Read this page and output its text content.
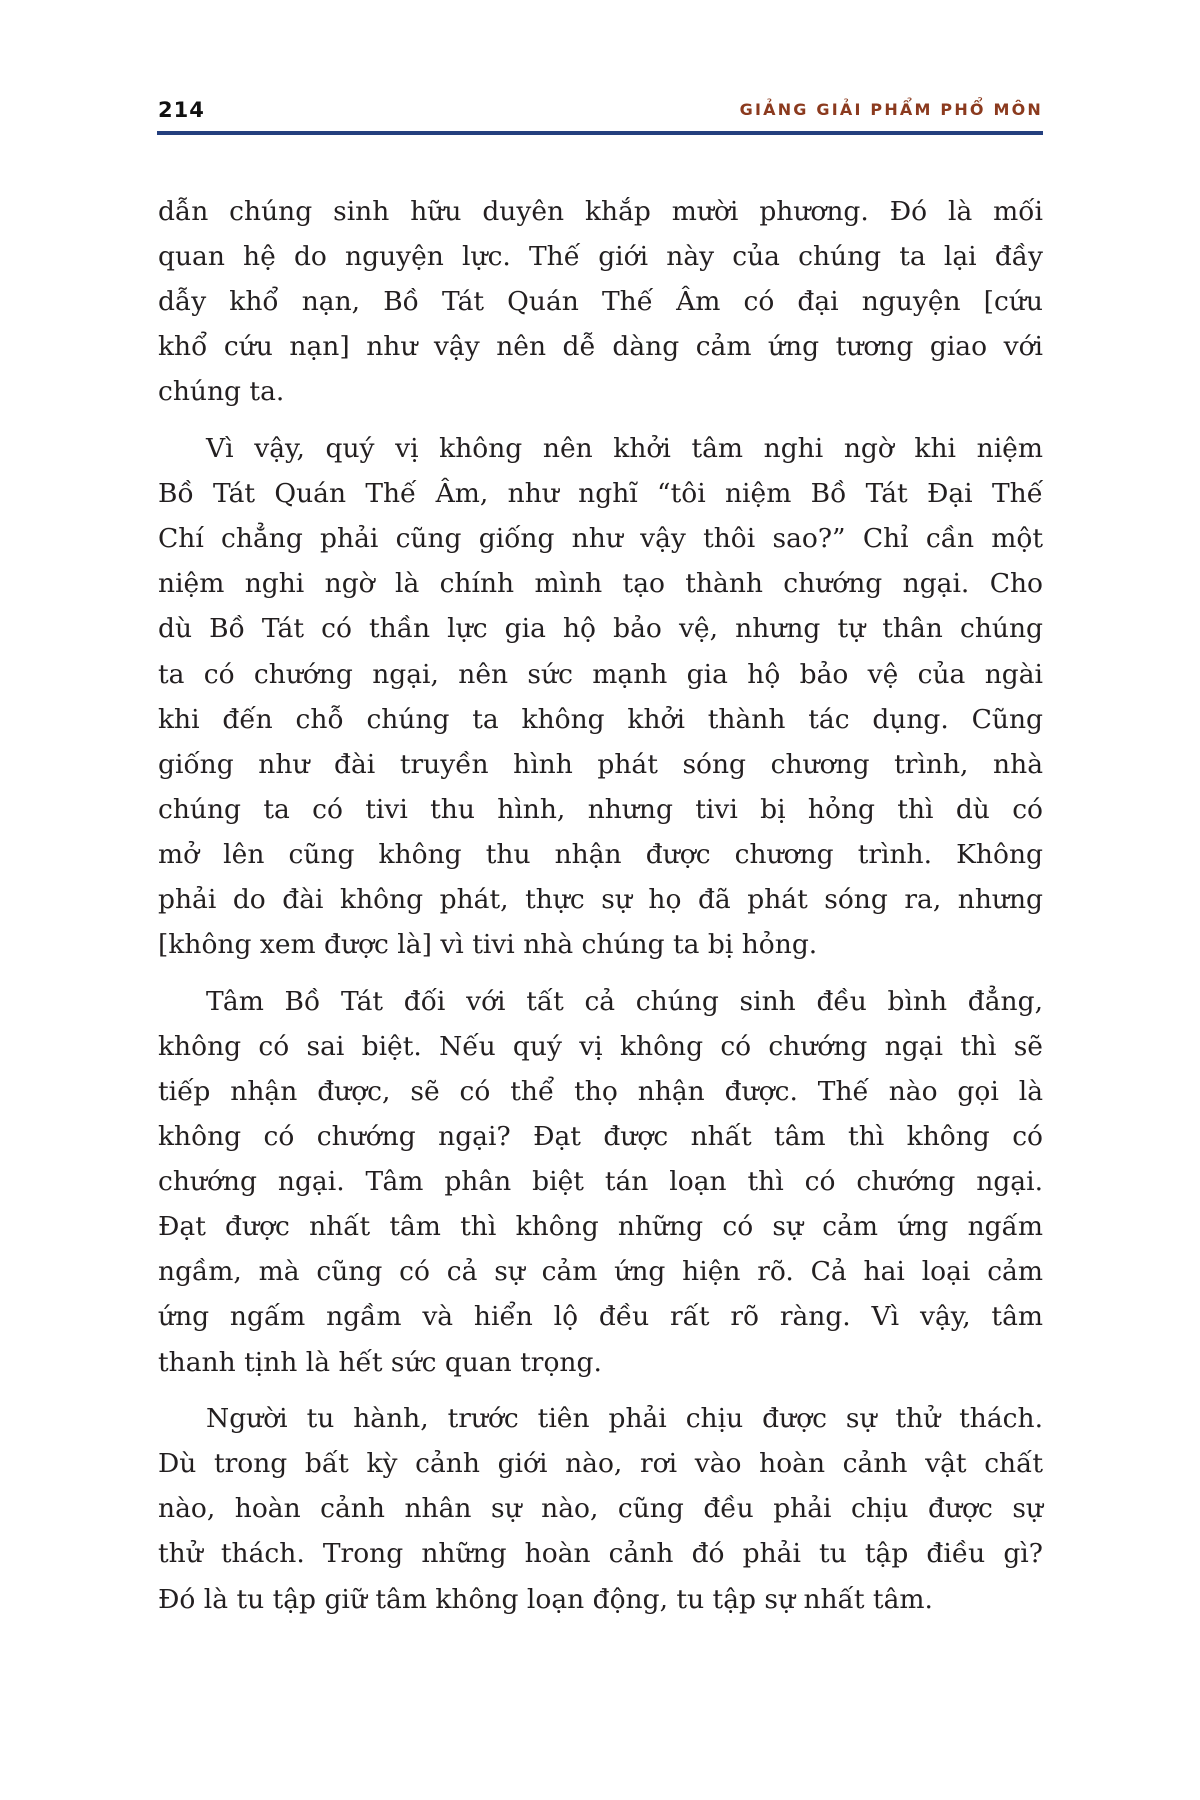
214	GIẢNG GIẢI PHẨM PHỔ MÔN
dẫn chúng sinh hữu duyên khắp mười phương. Đó là mối
quan hệ do nguyện lực. Thế giới này của chúng ta lại đầy
dẫy khổ nạn, Bồ Tát Quán Thế Âm có đại nguyện [cứu
khổ cứu nạn] như vậy nên dễ dàng cảm ứng tương giao với
chúng ta.
Vì vậy, quý vị không nên khởi tâm nghi ngờ khi niệm
Bồ Tát Quán Thế Âm, như nghĩ “tôi niệm Bồ Tát Đại Thế
Chí chẳng phải cũng giống như vậy thôi sao?” Chỉ cần một
niệm nghi ngờ là chính mình tạo thành chướng ngại. Cho
dù Bồ Tát có thần lực gia hộ bảo vệ, nhưng tự thân chúng
ta có chướng ngại, nên sức mạnh gia hộ bảo vệ của ngài
khi đến chỗ chúng ta không khởi thành tác dụng. Cũng
giống như đài truyền hình phát sóng chương trình, nhà
chúng ta có tivi thu hình, nhưng tivi bị hỏng thì dù có
mở lên cũng không thu nhận được chương trình. Không
phải do đài không phát, thực sự họ đã phát sóng ra, nhưng
[không xem được là] vì tivi nhà chúng ta bị hỏng.
Tâm Bồ Tát đối với tất cả chúng sinh đều bình đẳng,
không có sai biệt. Nếu quý vị không có chướng ngại thì sẽ
tiếp nhận được, sẽ có thể thọ nhận được. Thế nào gọi là
không có chướng ngại? Đạt được nhất tâm thì không có
chướng ngại. Tâm phân biệt tán loạn thì có chướng ngại.
Đạt được nhất tâm thì không những có sự cảm ứng ngấm
ngầm, mà cũng có cả sự cảm ứng hiện rõ. Cả hai loại cảm
ứng ngấm ngầm và hiển lộ đều rất rõ ràng. Vì vậy, tâm
thanh tịnh là hết sức quan trọng.
Người tu hành, trước tiên phải chịu được sự thử thách.
Dù trong bất kỳ cảnh giới nào, rơi vào hoàn cảnh vật chất
nào, hoàn cảnh nhân sự nào, cũng đều phải chịu được sự
thử thách. Trong những hoàn cảnh đó phải tu tập điều gì?
Đó là tu tập giữ tâm không loạn động, tu tập sự nhất tâm.
